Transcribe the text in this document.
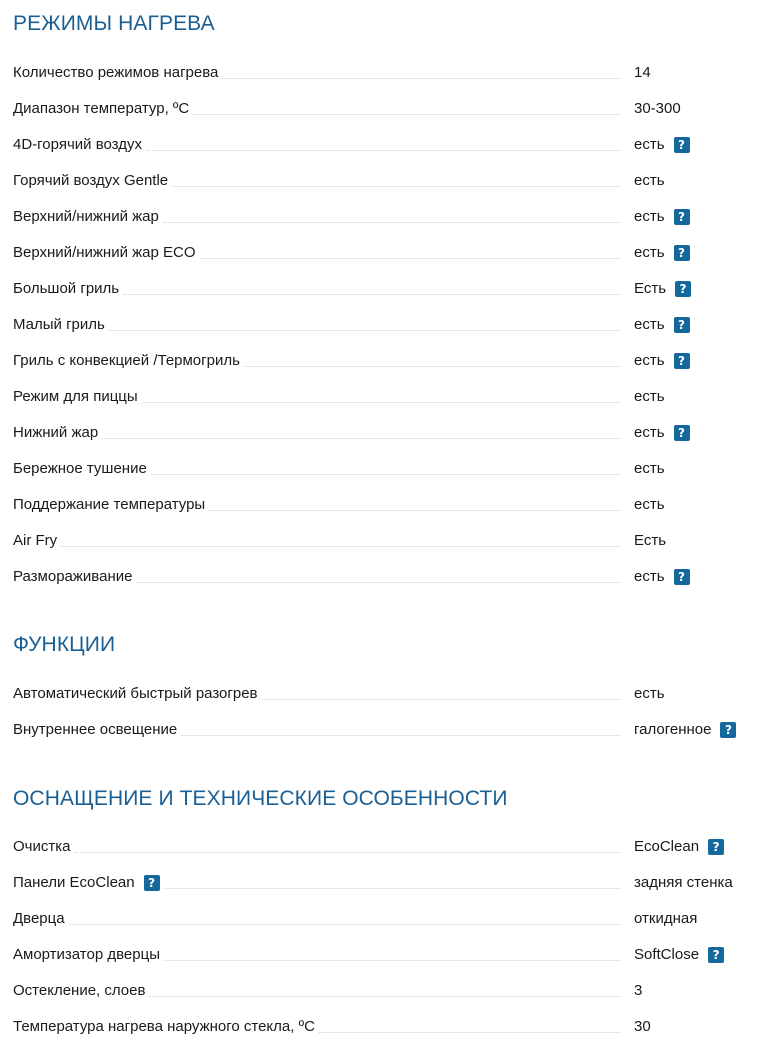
РЕЖИМЫ НАГРЕВА
Количество режимов нагрева	14
Диапазон температур, ºС	30-300
4D-горячий воздух	есть	?
Горячий воздух Gentle	есть
Верхний/нижний жар	есть	?
Верхний/нижний жар ECO	есть	?
Большой гриль	Есть	?
Малый гриль	есть	?
Гриль с конвекцией /Термогриль	есть	?
Режим для пиццы	есть
Нижний жар	есть	?
Бережное тушение	есть
Поддержание температуры	есть
Air Fry	Есть
Размораживание	есть	?
ФУНКЦИИ
Автоматический быстрый разогрев	есть
Внутреннее освещение	галогенное	?
ОСНАЩЕНИЕ И ТЕХНИЧЕСКИЕ ОСОБЕННОСТИ
Очистка	EcoClean	?
Панели EcoClean	?	задняя стенка
Дверца	откидная
Амортизатор дверцы	SoftClose	?
Остекление, слоев	3
Температура нагрева наружного стекла, ºС	30
